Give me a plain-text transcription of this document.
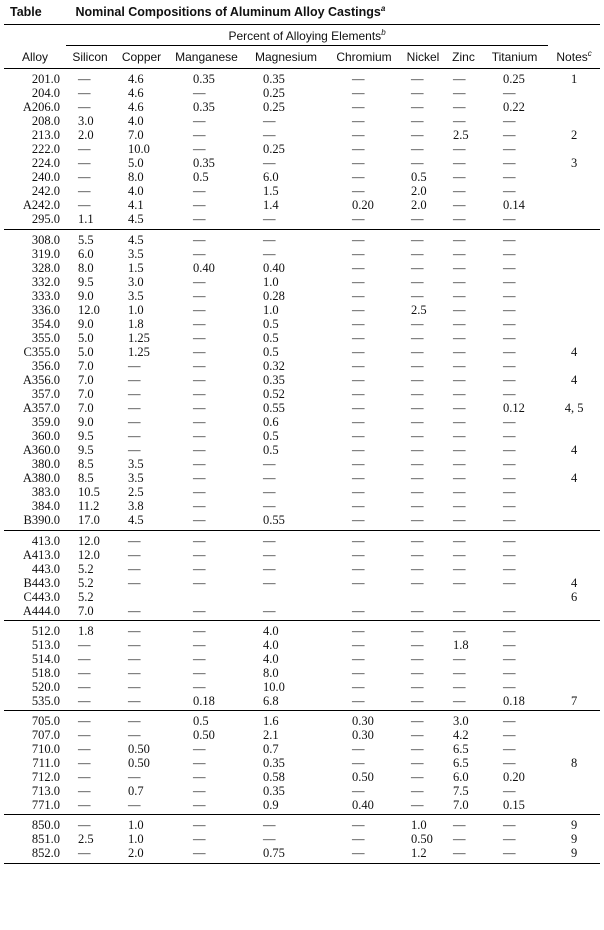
Table	Nominal Compositions of Aluminum Alloy Castings$^a$
	Percent of Alloying Elements$^b$	
Alloy	Silicon	Copper	Manganese	Magnesium	Chromium	Nickel	Zinc	Titanium	Notes$^c$
201.0	—	4.6	0.35	0.35	—	—	—	0.25	1
204.0	—	4.6	—	0.25	—	—	—	—	
A206.0	—	4.6	0.35	0.25	—	—	—	0.22	
208.0	3.0	4.0	—	—	—	—	—	—	
213.0	2.0	7.0	—	—	—	—	2.5	—	2
222.0	—	10.0	—	0.25	—	—	—	—	
224.0	—	5.0	0.35	—	—	—	—	—	3
240.0	—	8.0	0.5	6.0	—	0.5	—	—	
242.0	—	4.0	—	1.5	—	2.0	—	—	
A242.0	—	4.1	—	1.4	0.20	2.0	—	0.14	
295.0	1.1	4.5	—	—	—	—	—	—	
308.0	5.5	4.5	—	—	—	—	—	—	
319.0	6.0	3.5	—	—	—	—	—	—	
328.0	8.0	1.5	0.40	0.40	—	—	—	—	
332.0	9.5	3.0	—	1.0	—	—	—	—	
333.0	9.0	3.5	—	0.28	—	—	—	—	
336.0	12.0	1.0	—	1.0	—	2.5	—	—	
354.0	9.0	1.8	—	0.5	—	—	—	—	
355.0	5.0	1.25	—	0.5	—	—	—	—	
C355.0	5.0	1.25	—	0.5	—	—	—	—	4
356.0	7.0	—	—	0.32	—	—	—	—	
A356.0	7.0	—	—	0.35	—	—	—	—	4
357.0	7.0	—	—	0.52	—	—	—	—	
A357.0	7.0	—	—	0.55	—	—	—	0.12	4, 5
359.0	9.0	—	—	0.6	—	—	—	—	
360.0	9.5	—	—	0.5	—	—	—	—	
A360.0	9.5	—	—	0.5	—	—	—	—	4
380.0	8.5	3.5	—	—	—	—	—	—	
A380.0	8.5	3.5	—	—	—	—	—	—	4
383.0	10.5	2.5	—	—	—	—	—	—	
384.0	11.2	3.8	—	—	—	—	—	—	
B390.0	17.0	4.5	—	0.55	—	—	—	—	
413.0	12.0	—	—	—	—	—	—	—	
A413.0	12.0	—	—	—	—	—	—	—	
443.0	5.2	—	—	—	—	—	—	—	
B443.0	5.2	—	—	—	—	—	—	—	4
C443.0	5.2								6
A444.0	7.0	—	—	—	—	—	—	—	
512.0	1.8	—	—	4.0	—	—	—	—	
513.0	—	—	—	4.0	—	—	1.8	—	
514.0	—	—	—	4.0	—	—	—	—	
518.0	—	—	—	8.0	—	—	—	—	
520.0	—	—	—	10.0	—	—	—	—	
535.0	—	—	0.18	6.8	—	—	—	0.18	7
705.0	—	—	0.5	1.6	0.30	—	3.0	—	
707.0	—	—	0.50	2.1	0.30	—	4.2	—	
710.0	—	0.50	—	0.7	—	—	6.5	—	
711.0	—	0.50	—	0.35	—	—	6.5	—	8
712.0	—	—	—	0.58	0.50	—	6.0	0.20	
713.0	—	0.7	—	0.35	—	—	7.5	—	
771.0	—	—	—	0.9	0.40	—	7.0	0.15	
850.0	—	1.0	—	—	—	1.0	—	—	9
851.0	2.5	1.0	—	—	—	0.50	—	—	9
852.0	—	2.0	—	0.75	—	1.2	—	—	9
